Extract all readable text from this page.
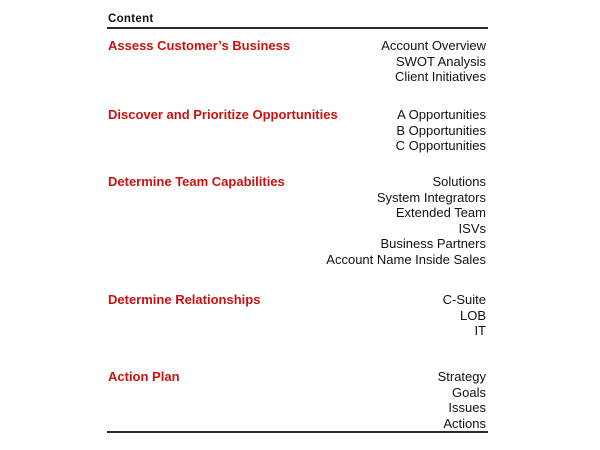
Content
Assess Customer’s Business	Account Overview
SWOT Analysis
Client Initiatives
Discover and Prioritize Opportunities	A Opportunities
B Opportunities
C Opportunities
Determine Team Capabilities	Solutions
System Integrators
Extended Team
ISVs
Business Partners
Account Name Inside Sales
Determine Relationships	C-Suite
LOB
IT
Action Plan	Strategy
Goals
Issues
Actions
